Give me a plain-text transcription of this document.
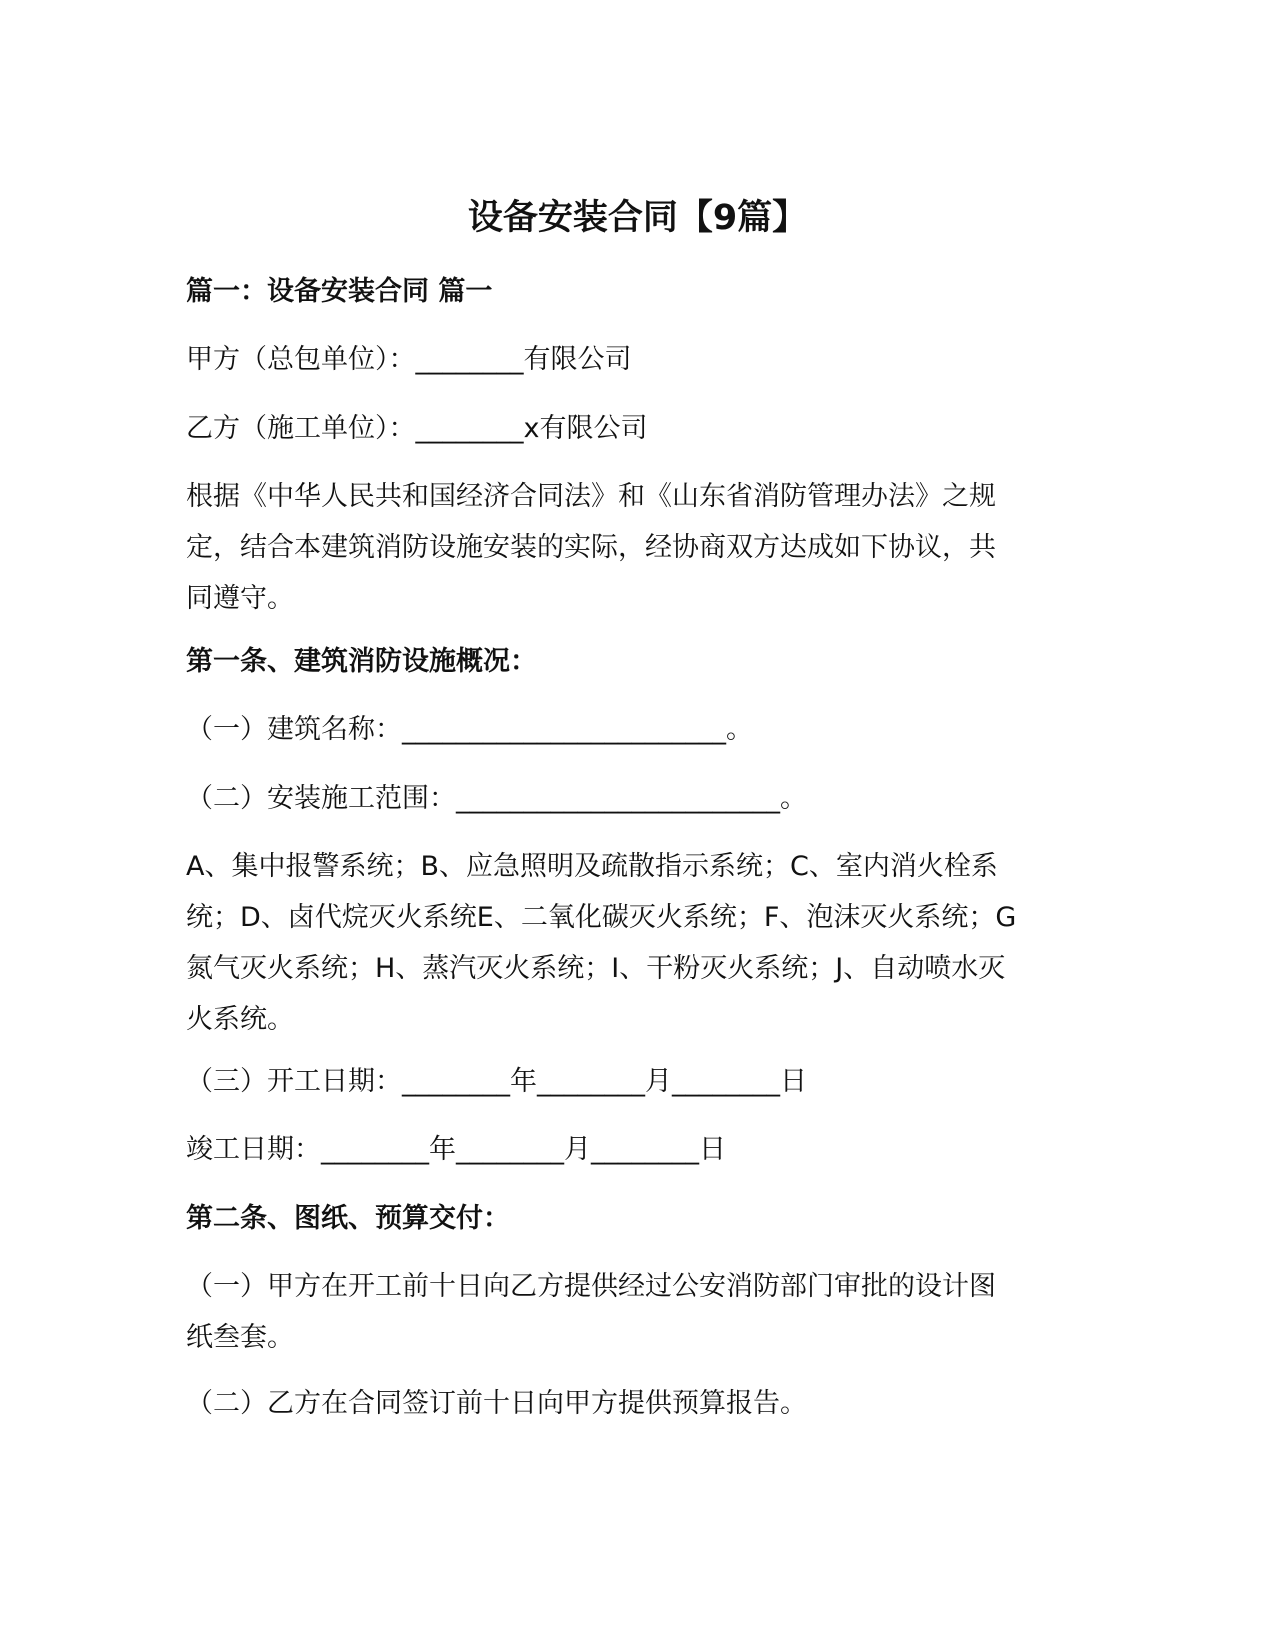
设备安装合同【9篇】

篇一：设备安装合同 篇一

甲方（总包单位）：________有限公司

乙方（施工单位）：________x有限公司

根据《中华人民共和国经济合同法》和《山东省消防管理办法》之规
定，结合本建筑消防设施安装的实际，经协商双方达成如下协议，共
同遵守。

第一条、建筑消防设施概况：

（一）建筑名称：________________________。

（二）安装施工范围：________________________。

A、集中报警系统；B、应急照明及疏散指示系统；C、室内消火栓系
统；D、卤代烷灭火系统E、二氧化碳灭火系统；F、泡沫灭火系统；G
氮气灭火系统；H、蒸汽灭火系统；I、干粉灭火系统；J、自动喷水灭
火系统。

（三）开工日期：________年________月________日

竣工日期：________年________月________日

第二条、图纸、预算交付：

（一）甲方在开工前十日向乙方提供经过公安消防部门审批的设计图
纸叁套。

（二）乙方在合同签订前十日向甲方提供预算报告。
